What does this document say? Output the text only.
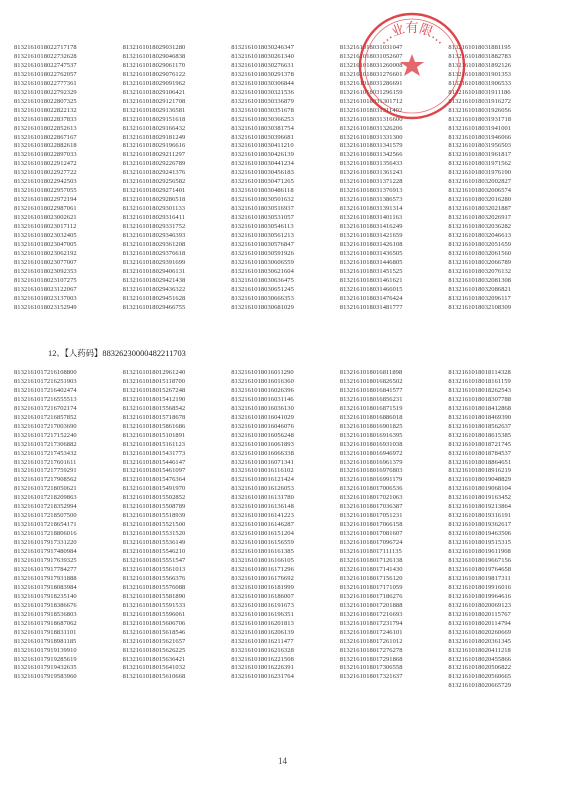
8132161018022717178
8132161018022732628
8132161018022747537
8132161018022762057
8132161018022777361
8132161018022792329
8132161018022807325
8132161018022822132
8132161018022837833
8132161018022852613
8132161018022867167
8132161018022882618
8132161018022897033
8132161018022912472
8132161018022927722
8132161018022942503
8132161018022957055
8132161018022972194
8132161018022987061
8132161018023002621
8132161018023017112
8132161018023032405
8132161018023047005
8132161018023062192
8132161018023077007
8132161018023092353
8132161018023107275
8132161018023122067
8132161018023137003
8132161018023152949
8132161018029031280
8132161018029046838
8132161018029061170
8132161018029076122
8132161018029091962
8132161018029106421
8132161018029121708
8132161018029136581
8132161018029151618
8132161018029166432
8132161018029181249
8132161018029196616
8132161018029211297
8132161018029226789
8132161018029241376
8132161018029256582
8132161018029271401
8132161018029286518
8132161018029301133
8132161018029316411
8132161018029331752
8132161018029346393
8132161018029361208
8132161018029376618
8132161018029391699
8132161018029406131
8132161018029421438
8132161018029436322
8132161018029451628
8132161018029466755
8132161018030246347
8132161018030261340
8132161018030276631
8132161018030291378
8132161018030306844
8132161018030321536
8132161018030336879
8132161018030351678
8132161018030366253
8132161018030381754
8132161018030396681
8132161018030411210
8132161018030426139
8132161018030441234
8132161018030456183
8132161018030471265
8132161018030486118
8132161018030501632
8132161018030516937
8132161018030531057
8132161018030546113
8132161018030561213
8132161018030576847
8132161018030591926
8132161018030606559
8132161018030621604
8132161018030636475
8132161018030651245
8132161018030666353
8132161018030681029
8132161018031031047
8132161018031052607
8132161018031260008
8132161018031276601
8132161018031286691
8132161018031296159
8132161018031301712
8132161018031311402
8132161018031316600
8132161018031326206
8132161018031331300
8132161018031341579
8132161018031342566
8132161018031356433
8132161018031361243
8132161018031371228
8132161018031376913
8132161018031386573
8132161018031391314
8132161018031401163
8132161018031416249
8132161018031421659
8132161018031426108
8132161018031436505
8132161018031446805
8132161018031451525
8132161018031461621
8132161018031466015
8132161018031476424
8132161018031481777
8132161018031881195
8132161018031882783
8132161018031892126
8132161018031901353
8132161018031906533
8132161018031911186
8132161018031916272
8132161018031926056
8132161018031931718
8132161018031941001
8132161018031946066
8132161018031956503
8132161018031961817
8132161018031971562
8132161018031976190
8132161018032002827
8132161018032006574
8132161018032016280
8132161018032021887
8132161018032026917
8132161018032036282
8132161018032046613
8132161018032051659
8132161018032061560
8132161018032066789
8132161018032076132
8132161018032081308
8132161018032086821
8132161018032096117
8132161018032108309
12、【人药码】88326230000482211703
8132161017216108800
8132161017216251903
8132161017216402474
8132161017216555513
8132161017216702174
8132161017216857852
8132161017217003690
8132161017217152240
8132161017217306882
8132161017217453432
8132161017217601611
8132161017217759291
8132161017217908562
8132161017218050621
8132161017218209863
8132161017218352994
8132161017218507500
8132161017218654171
8132161017218806016
8132161017917331220
8132161017917480984
8132161017917639325
8132161017917784277
8132161017917931888
8132161017918083984
8132161017918235140
8132161017918386676
8132161017918536803
8132161017918687062
8132161017918831101
8132161017918981185
8132161017919139910
8132161017919285619
8132161017919432635
8132161017919583960
8132161018012961240
8132161018015118700
8132161018015267248
8132161018015412190
8132161018015568542
8132161018015718678
8132161018015861686
8132161018015101891
8132161018015161123
8132161018015431773
8132161018015446147
8132161018015461097
8132161018015476364
8132161018015491970
8132161018015502852
8132161018015508789
8132161018015518939
8132161018015521500
8132161018015531520
8132161018015536149
8132161018015546210
8132161018015551547
8132161018015561013
8132161018015566376
8132161018015576088
8132161018015581890
8132161018015591533
8132161018015596061
8132161018015606706
8132161018015618546
8132161018015621657
8132161018015626225
8132161018015636421
8132161018015641032
8132161018015610668
8132161018016011290
8132161018016016360
8132161018016026396
8132161018016031146
8132161018016036130
8132161018016041029
8132161018016046076
8132161018016056248
8132161018016061893
8132161018016066338
8132161018016071341
8132161018016116102
8132161018016121424
8132161018016126053
8132161018016131780
8132161018016136148
8132161018016141223
8132161018016146287
8132161018016151204
8132161018016156559
8132161018016161385
8132161018016166105
8132161018016171296
8132161018016176692
8132161018016181999
8132161018016186007
8132161018016191673
8132161018016196351
8132161018016201813
8132161018016206139
8132161018016211477
8132161018016216328
8132161018016221508
8132161018016226391
8132161018016231764
8132161018016811898
8132161018016826502
8132161018016841577
8132161018016856231
8132161018016871519
8132161018016886018
8132161018016901825
8132161018016916395
8132161018016931038
8132161018016946972
8132161018016961379
8132161018016976803
8132161018016991179
8132161018017006536
8132161018017021063
8132161018017036387
8132161018017051231
8132161018017066158
8132161018017081607
8132161018017096724
8132161018017111135
8132161018017126138
8132161018017141430
8132161018017156120
8132161018017171059
8132161018017186276
8132161018017201888
8132161018017216693
8132161018017231794
8132161018017246101
8132161018017261012
8132161018017276278
8132161018017291868
8132161018017306558
8132161018017321637
8132161018018114328
8132161018018161159
8132161018018262543
8132161018018307788
8132161018018412868
8132161018018469390
8132161018018562637
8132161018018615385
8132161018018721745
8132161018018784537
8132161018018864651
8132161018018916219
8132161018019048829
8132161018019068104
8132161018019163452
8132161018019213864
8132161018019316191
8132161018019362617
8132161018019463506
8132161018019515315
8132161018019611908
8132161018019667156
8132161018019764658
8132161018019817311
8132161018019916016
8132161018019964616
8132161018020069123
8132161018020115767
8132161018020114794
8132161018020260669
8132161018020361345
8132161018020411218
8132161018020455866
8132161018020506822
8132161018020560665
8132161018020665729
…业有限…
14
